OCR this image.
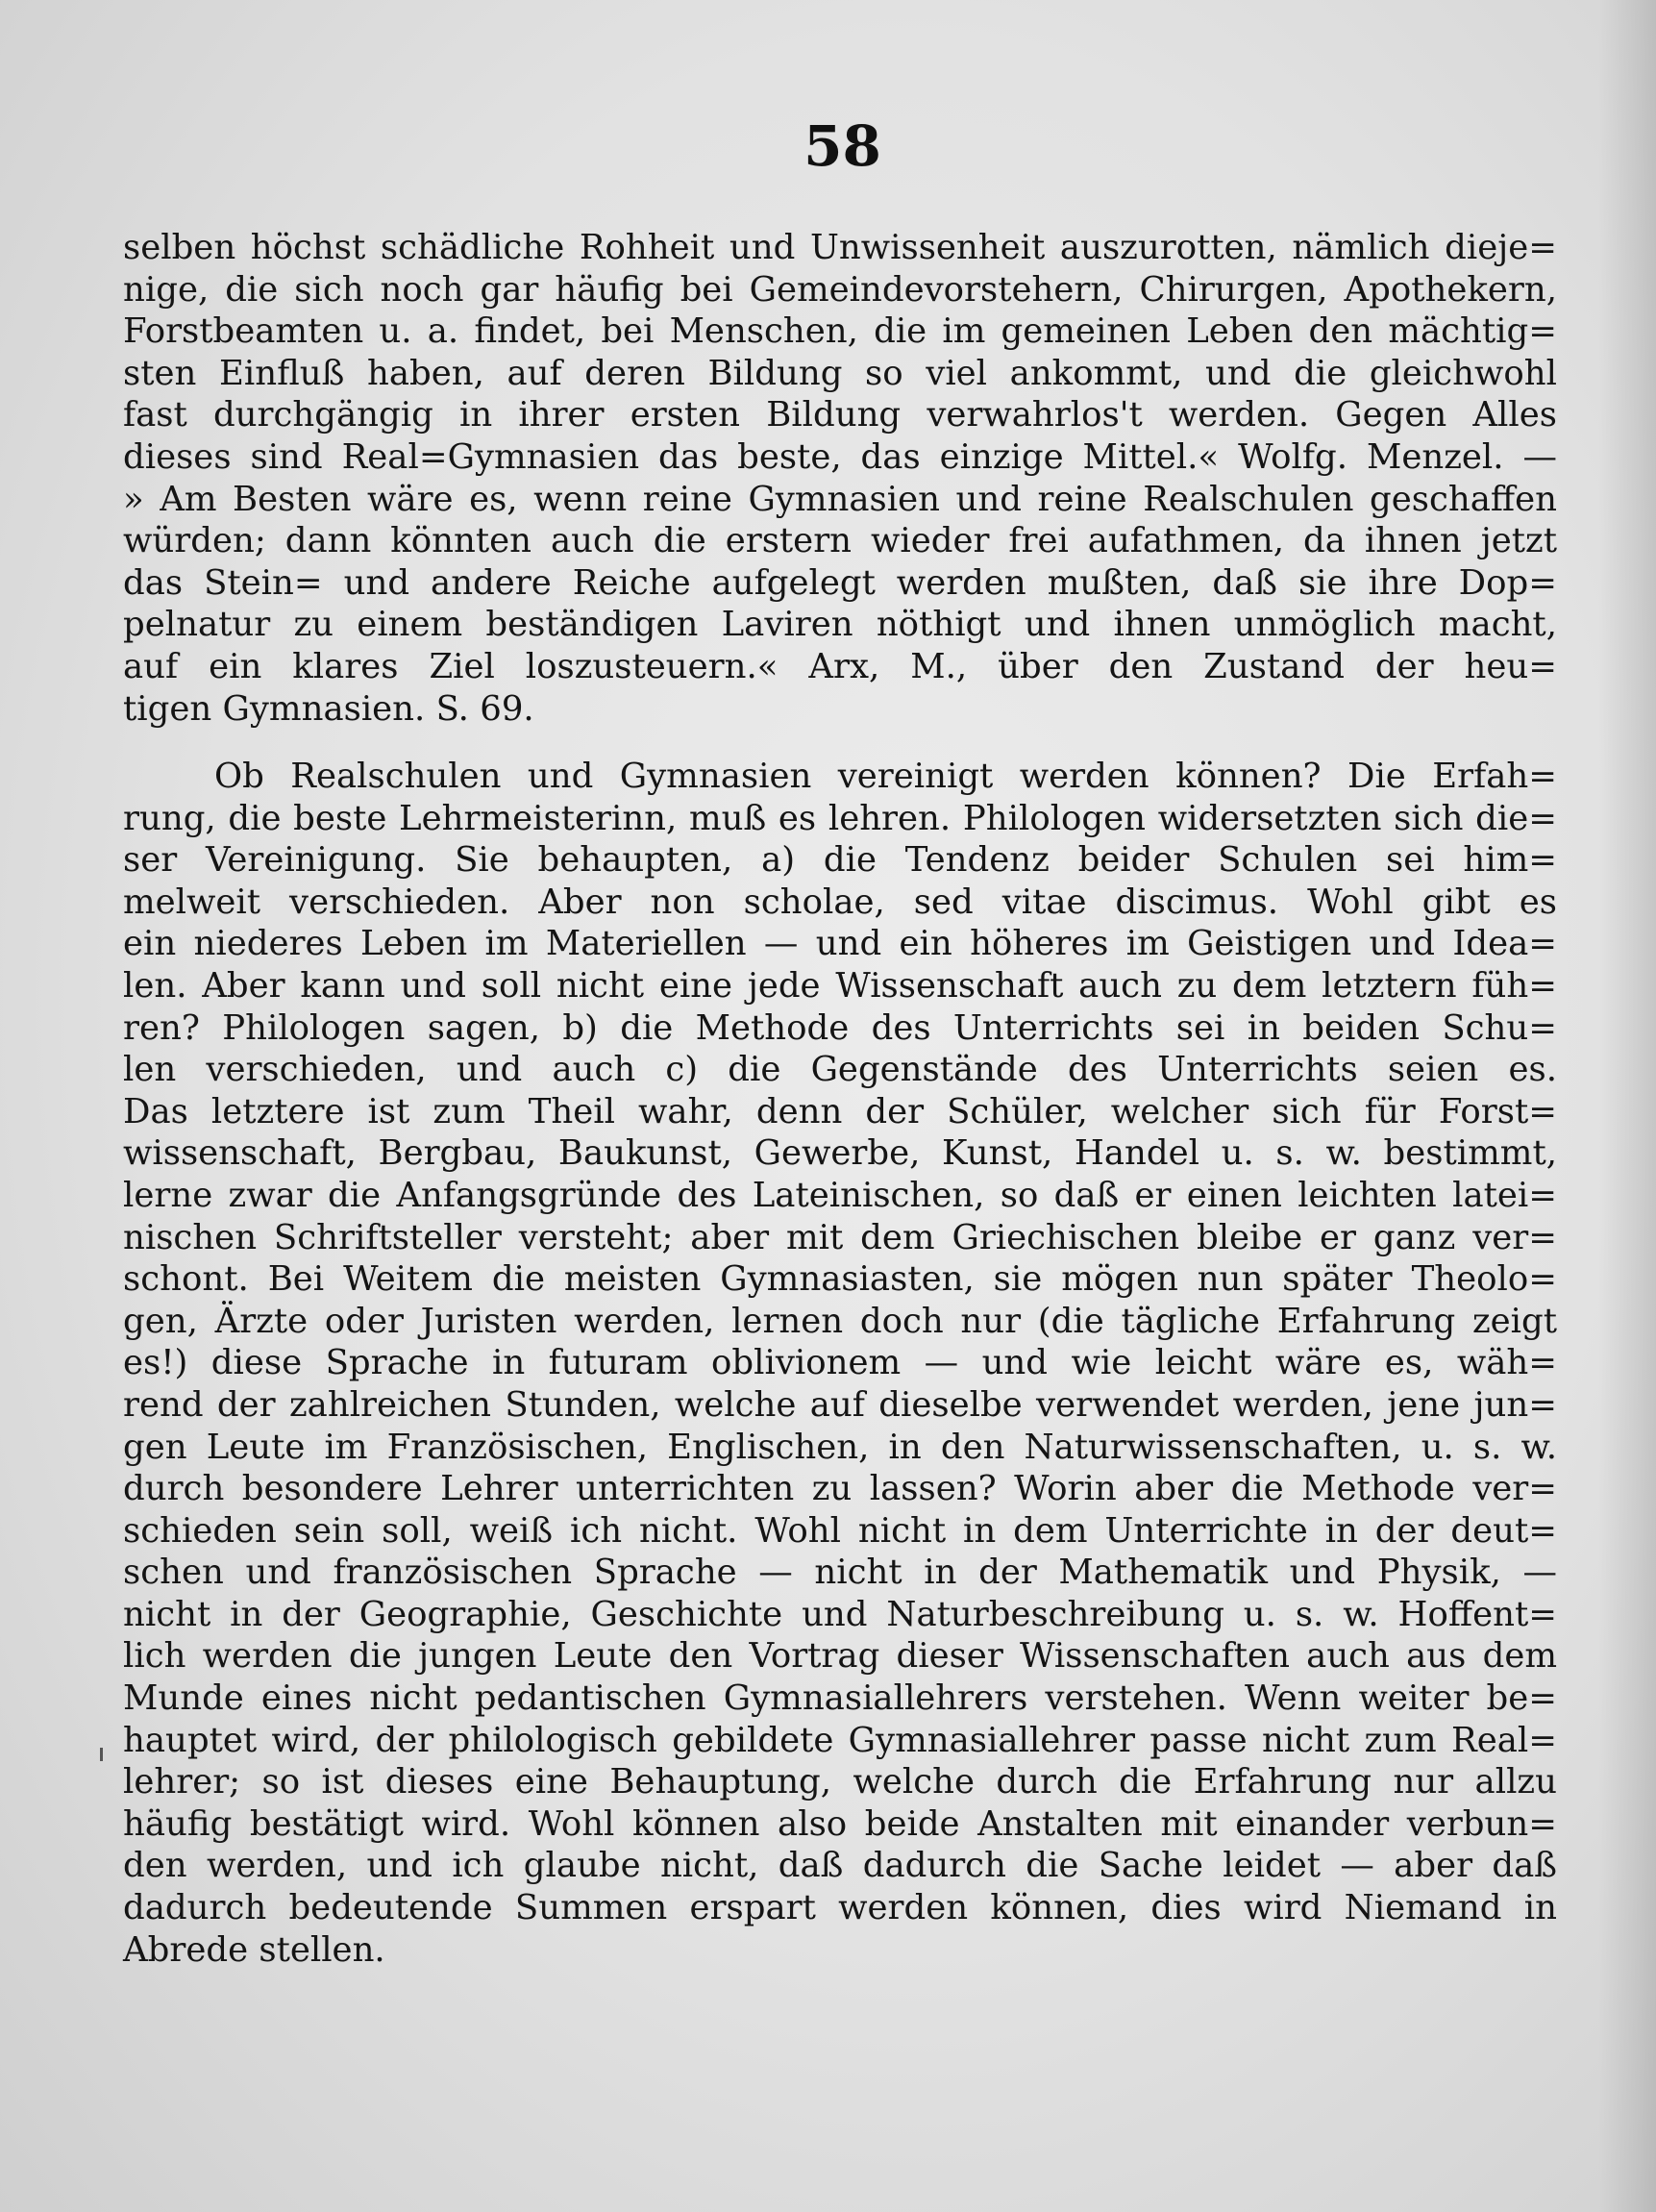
58
selben höchst schädliche Rohheit und Unwissenheit auszurotten, nämlich dieje=
nige, die sich noch gar häufig bei Gemeindevorstehern, Chirurgen, Apothekern,
Forstbeamten u. a. findet, bei Menschen, die im gemeinen Leben den mächtig=
sten Einfluß haben, auf deren Bildung so viel ankommt, und die gleichwohl
fast durchgängig in ihrer ersten Bildung verwahrlos't werden. Gegen Alles
dieses sind Real=Gymnasien das beste, das einzige Mittel.« Wolfg. Menzel. —
» Am Besten wäre es, wenn reine Gymnasien und reine Realschulen geschaffen
würden; dann könnten auch die erstern wieder frei aufathmen, da ihnen jetzt
das Stein= und andere Reiche aufgelegt werden mußten, daß sie ihre Dop=
pelnatur zu einem beständigen Laviren nöthigt und ihnen unmöglich macht,
auf ein klares Ziel loszusteuern.« Arx, M., über den Zustand der heu=
tigen Gymnasien. S. 69.
Ob Realschulen und Gymnasien vereinigt werden können? Die Erfah=
rung, die beste Lehrmeisterinn, muß es lehren. Philologen widersetzten sich die=
ser Vereinigung. Sie behaupten, a) die Tendenz beider Schulen sei him=
melweit verschieden. Aber non scholae, sed vitae discimus. Wohl gibt es
ein niederes Leben im Materiellen — und ein höheres im Geistigen und Idea=
len. Aber kann und soll nicht eine jede Wissenschaft auch zu dem letztern füh=
ren? Philologen sagen, b) die Methode des Unterrichts sei in beiden Schu=
len verschieden, und auch c) die Gegenstände des Unterrichts seien es.
Das letztere ist zum Theil wahr, denn der Schüler, welcher sich für Forst=
wissenschaft, Bergbau, Baukunst, Gewerbe, Kunst, Handel u. s. w. bestimmt,
lerne zwar die Anfangsgründe des Lateinischen, so daß er einen leichten latei=
nischen Schriftsteller versteht; aber mit dem Griechischen bleibe er ganz ver=
schont. Bei Weitem die meisten Gymnasiasten, sie mögen nun später Theolo=
gen, Ärzte oder Juristen werden, lernen doch nur (die tägliche Erfahrung zeigt
es!) diese Sprache in futuram oblivionem — und wie leicht wäre es, wäh=
rend der zahlreichen Stunden, welche auf dieselbe verwendet werden, jene jun=
gen Leute im Französischen, Englischen, in den Naturwissenschaften, u. s. w.
durch besondere Lehrer unterrichten zu lassen? Worin aber die Methode ver=
schieden sein soll, weiß ich nicht. Wohl nicht in dem Unterrichte in der deut=
schen und französischen Sprache — nicht in der Mathematik und Physik, —
nicht in der Geographie, Geschichte und Naturbeschreibung u. s. w. Hoffent=
lich werden die jungen Leute den Vortrag dieser Wissenschaften auch aus dem
Munde eines nicht pedantischen Gymnasiallehrers verstehen. Wenn weiter be=
hauptet wird, der philologisch gebildete Gymnasiallehrer passe nicht zum Real=
lehrer; so ist dieses eine Behauptung, welche durch die Erfahrung nur allzu
häufig bestätigt wird. Wohl können also beide Anstalten mit einander verbun=
den werden, und ich glaube nicht, daß dadurch die Sache leidet — aber daß
dadurch bedeutende Summen erspart werden können, dies wird Niemand in
Abrede stellen.
